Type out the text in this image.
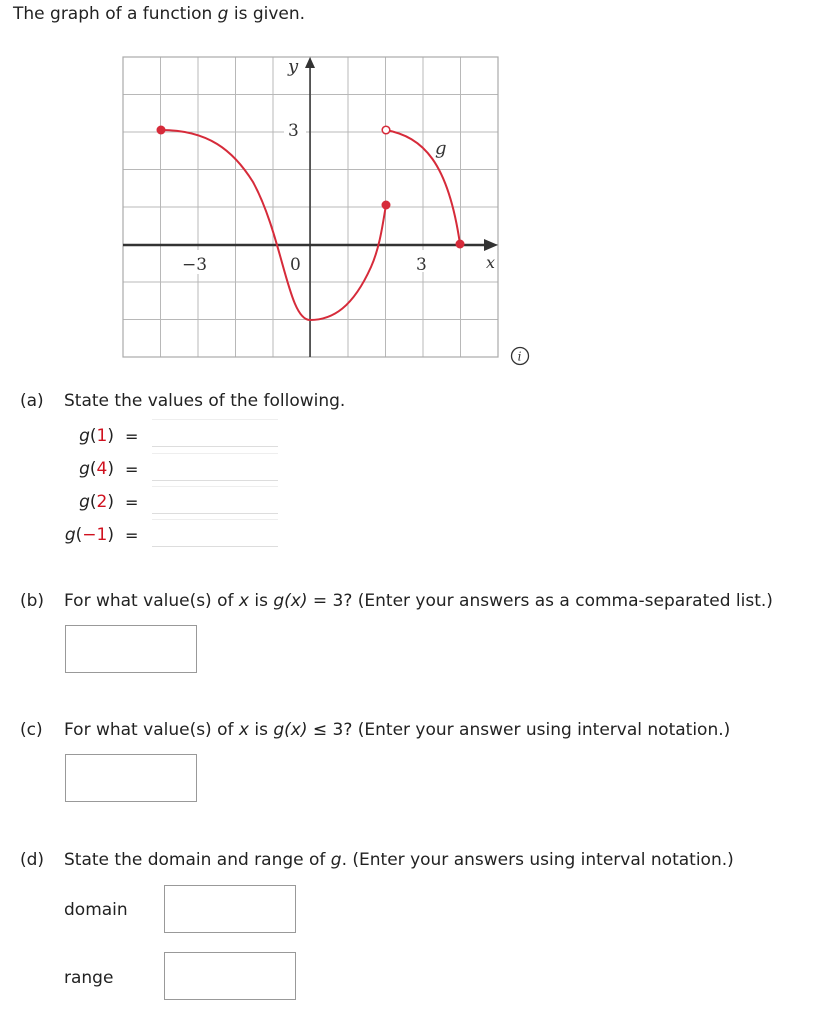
The graph of a function g is given.
y
x
3
−3	0	3
g
i
(a) State the values of the following.
g(1) =
g(4) =
g(2) =
g(−1) =
(b) For what value(s) of x is g(x) = 3? (Enter your answers as a comma-separated list.)
(c) For what value(s) of x is g(x) ≤ 3? (Enter your answer using interval notation.)
(d) State the domain and range of g. (Enter your answers using interval notation.)
domain
range
